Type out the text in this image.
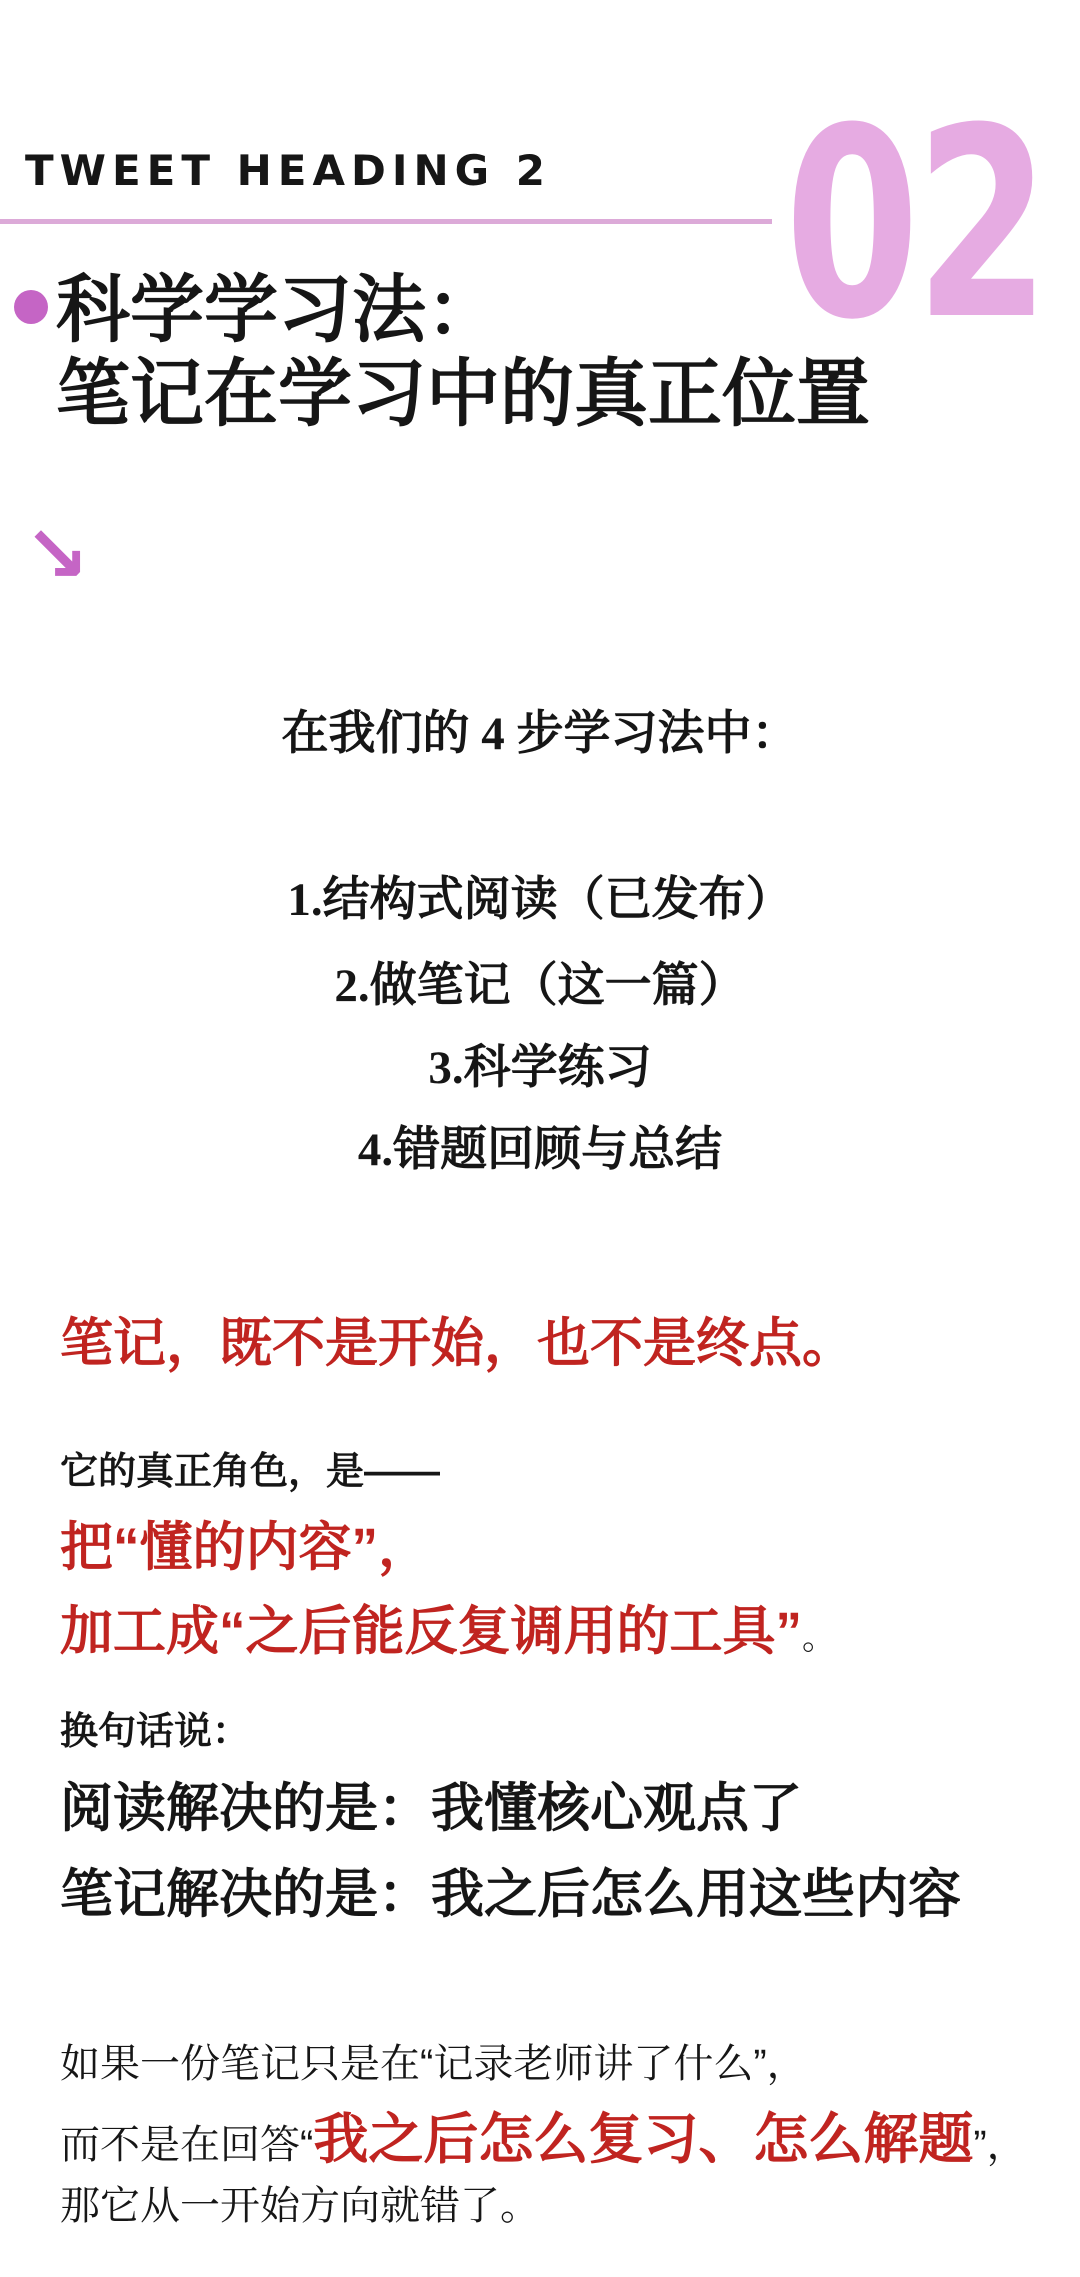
TWEET HEADING 2 02
科学学习法：
笔记在学习中的真正位置
↘
在我们的 4 步学习法中：
1.结构式阅读（已发布）
2.做笔记（这一篇）
3.科学练习
4.错题回顾与总结
笔记，既不是开始，也不是终点。
它的真正角色，是——
把“懂的内容”，
加工成“之后能反复调用的工具”。
换句话说：
阅读解决的是：我懂核心观点了
笔记解决的是：我之后怎么用这些内容
如果一份笔记只是在“记录老师讲了什么”，
而不是在回答“我之后怎么复习、怎么解题”，
那它从一开始方向就错了。
